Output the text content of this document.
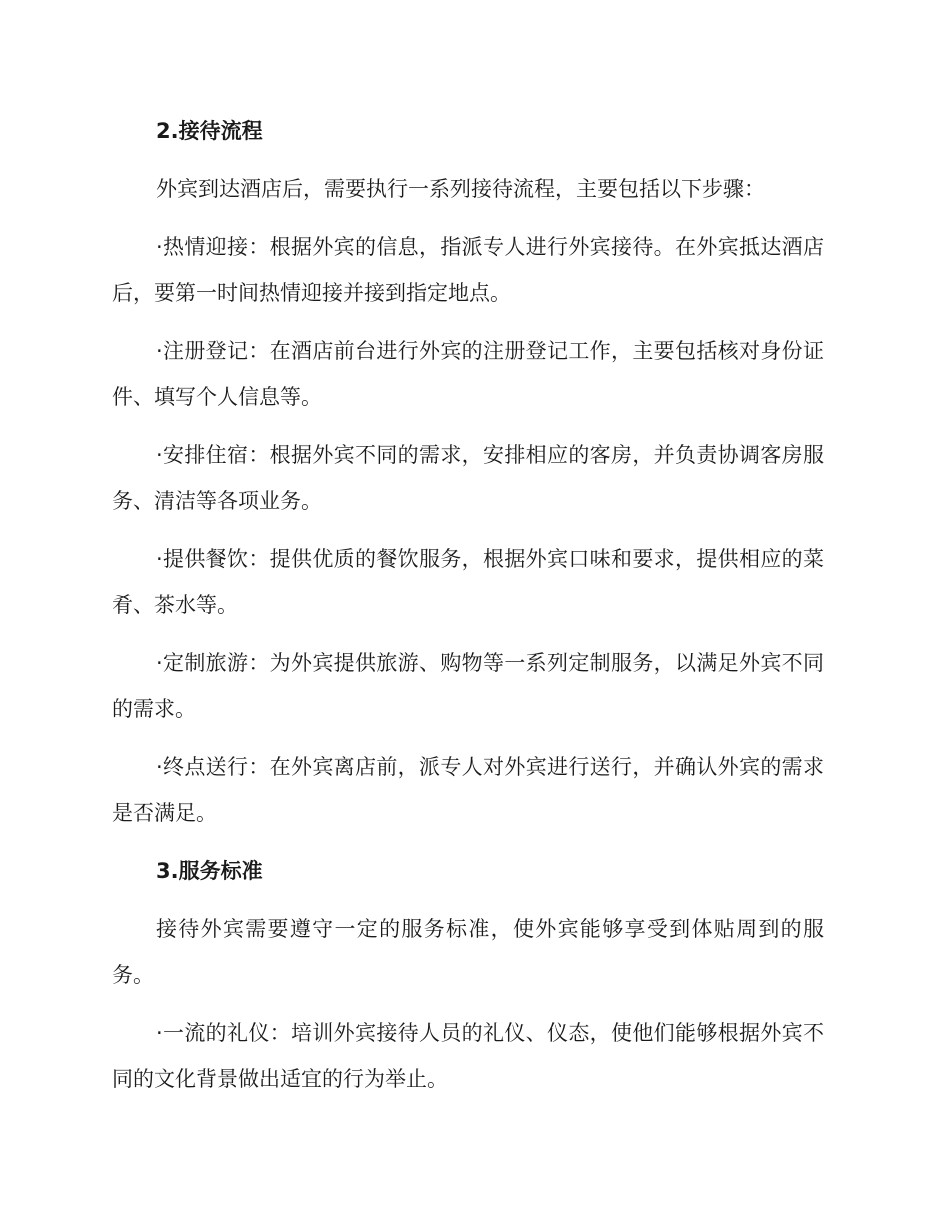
2.接待流程

外宾到达酒店后，需要执行一系列接待流程，主要包括以下步骤：

·热情迎接：根据外宾的信息，指派专人进行外宾接待。在外宾抵达酒店后，要第一时间热情迎接并接到指定地点。

·注册登记：在酒店前台进行外宾的注册登记工作，主要包括核对身份证件、填写个人信息等。

·安排住宿：根据外宾不同的需求，安排相应的客房，并负责协调客房服务、清洁等各项业务。

·提供餐饮：提供优质的餐饮服务，根据外宾口味和要求，提供相应的菜肴、茶水等。

·定制旅游：为外宾提供旅游、购物等一系列定制服务，以满足外宾不同的需求。

·终点送行：在外宾离店前，派专人对外宾进行送行，并确认外宾的需求是否满足。

3.服务标准

接待外宾需要遵守一定的服务标准，使外宾能够享受到体贴周到的服务。

·一流的礼仪：培训外宾接待人员的礼仪、仪态，使他们能够根据外宾不同的文化背景做出适宜的行为举止。
